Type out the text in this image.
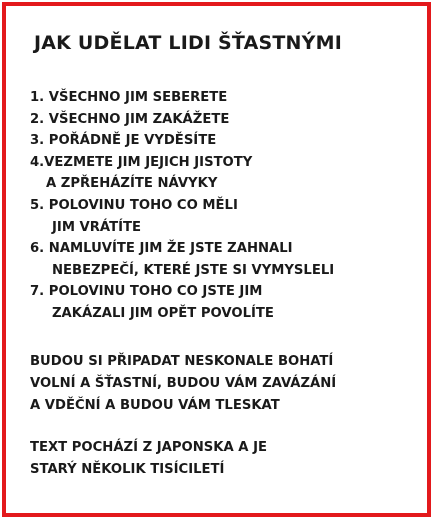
JAK UDĚLAT LIDI ŠŤASTNÝMI
1. VŠECHNO JIM SEBERETE
2. VŠECHNO JIM ZAKÁŽETE
3. POŘÁDNĚ JE VYDĚSÍTE
4.VEZMETE JIM JEJICH JISTOTY
A ZPŘEHÁZÍTE NÁVYKY
5. POLOVINU TOHO CO MĚLI
JIM VRÁTÍTE
6. NAMLUVÍTE JIM ŽE JSTE ZAHNALI
NEBEZPEČÍ, KTERÉ JSTE SI VYMYSLELI
7. POLOVINU TOHO CO JSTE JIM
ZAKÁZALI JIM OPĚT POVOLÍTE
BUDOU SI PŘIPADAT NESKONALE BOHATÍ
VOLNÍ A ŠŤASTNÍ, BUDOU VÁM ZAVÁZÁNÍ
A VDĚČNÍ A BUDOU VÁM TLESKAT
TEXT POCHÁZÍ Z JAPONSKA A JE
STARÝ NĚKOLIK TISÍCILETÍ
